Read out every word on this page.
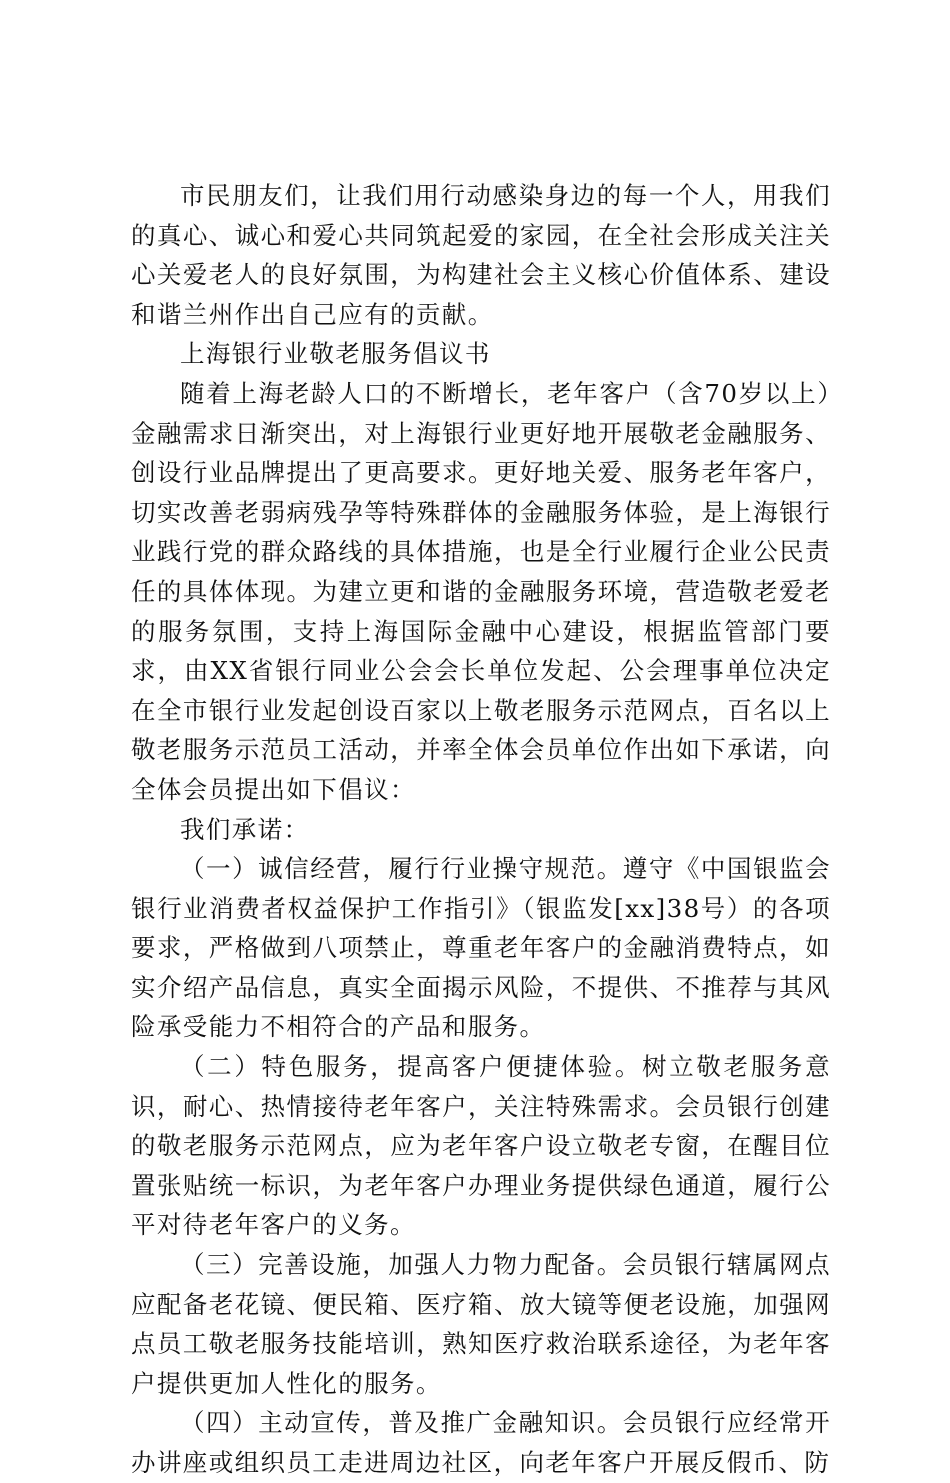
市民朋友们，让我们用行动感染身边的每一个人，用我们的真心、诚心和爱心共同筑起爱的家园，在全社会形成关注关心关爱老人的良好氛围，为构建社会主义核心价值体系、建设和谐兰州作出自己应有的贡献。

上海银行业敬老服务倡议书

随着上海老龄人口的不断增长，老年客户（含70岁以上）金融需求日渐突出，对上海银行业更好地开展敬老金融服务、创设行业品牌提出了更高要求。更好地关爱、服务老年客户，切实改善老弱病残孕等特殊群体的金融服务体验，是上海银行业践行党的群众路线的具体措施，也是全行业履行企业公民责任的具体体现。为建立更和谐的金融服务环境，营造敬老爱老的服务氛围，支持上海国际金融中心建设，根据监管部门要求，由XX省银行同业公会会长单位发起、公会理事单位决定在全市银行业发起创设百家以上敬老服务示范网点，百名以上敬老服务示范员工活动，并率全体会员单位作出如下承诺，向全体会员提出如下倡议：

我们承诺：

（一）诚信经营，履行行业操守规范。遵守《中国银监会银行业消费者权益保护工作指引》（银监发[xx]38号）的各项要求，严格做到八项禁止，尊重老年客户的金融消费特点，如实介绍产品信息，真实全面揭示风险，不提供、不推荐与其风险承受能力不相符合的产品和服务。

（二）特色服务，提高客户便捷体验。树立敬老服务意识，耐心、热情接待老年客户，关注特殊需求。会员银行创建的敬老服务示范网点，应为老年客户设立敬老专窗，在醒目位置张贴统一标识，为老年客户办理业务提供绿色通道，履行公平对待老年客户的义务。

（三）完善设施，加强人力物力配备。会员银行辖属网点应配备老花镜、便民箱、医疗箱、放大镜等便老设施，加强网点员工敬老服务技能培训，熟知医疗救治联系途径，为老年客户提供更加人性化的服务。

（四）主动宣传，普及推广金融知识。会员银行应经常开办讲座或组织员工走进周边社区，向老年客户开展反假币、防
